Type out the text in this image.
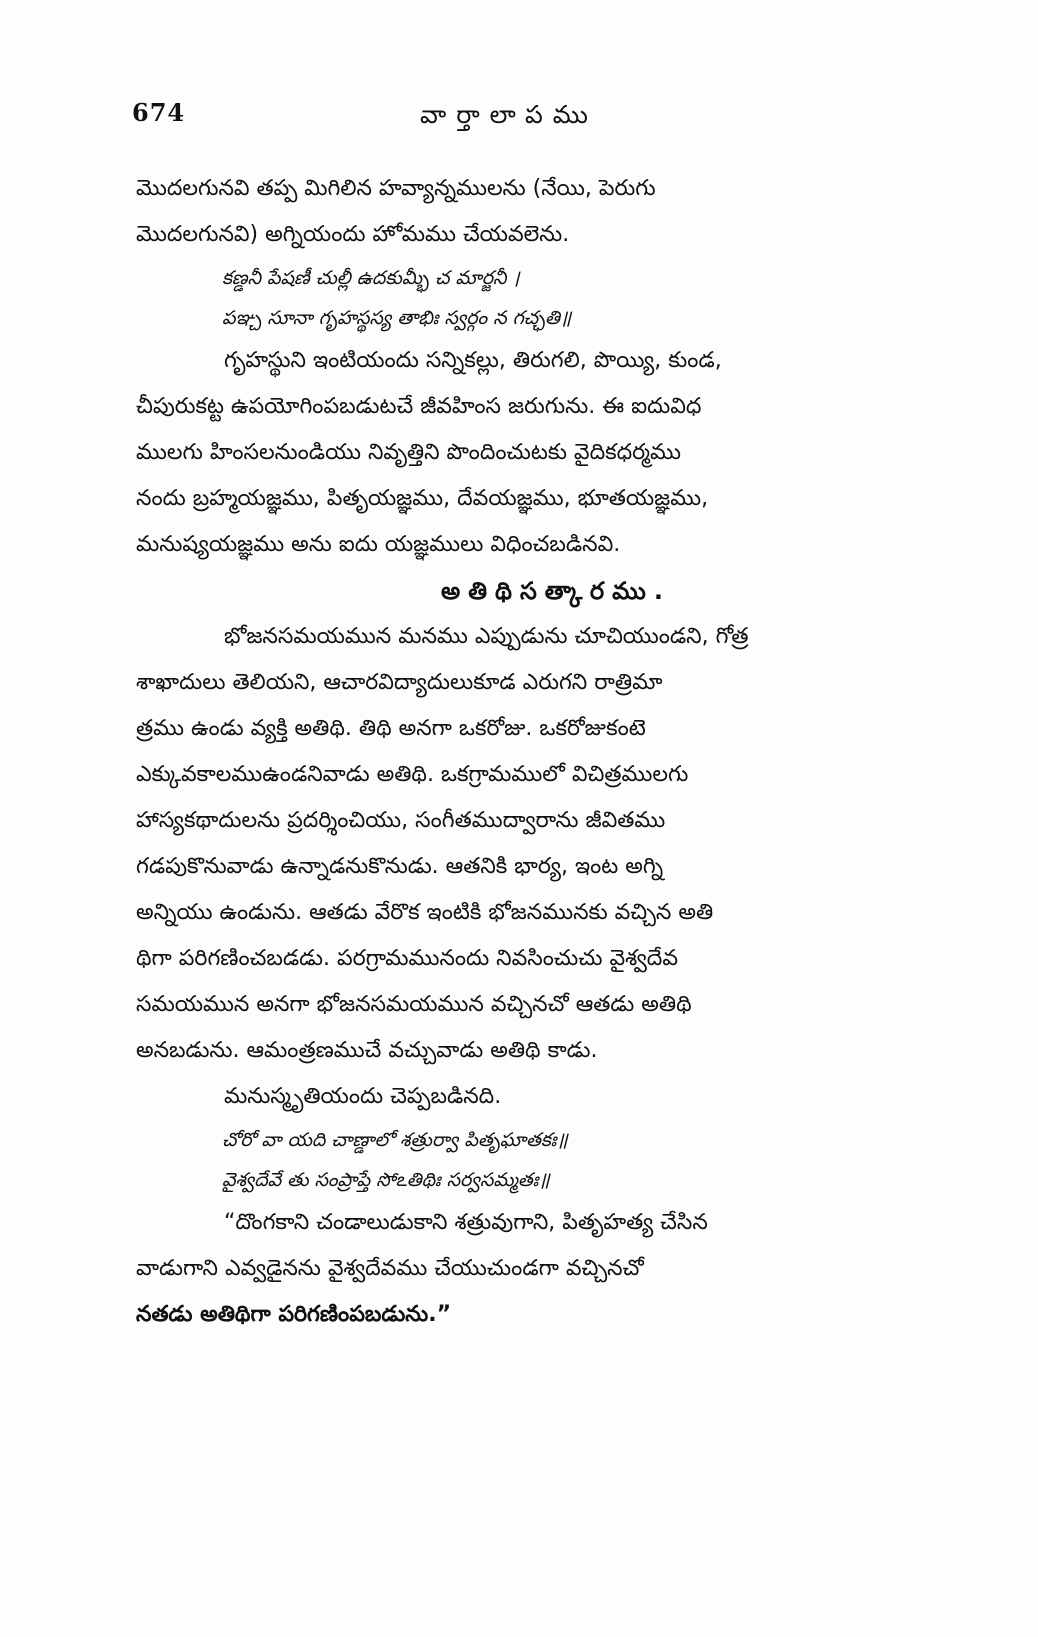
674	వార్తాలాపము
మొదలగునవి తప్ప మిగిలిన హవ్యాన్నములను (నేయి, పెరుగు
మొదలగునవి) అగ్నియందు హోమము చేయవలెను.
కణ్డనీ పేషణీ చుల్లీ ఉదకుమ్భీ చ మార్జనీ ।
పఞ్చ సూనా గృహస్థస్య తాభిః స్వర్గం న గచ్ఛతి॥
గృహస్థుని ఇంటియందు సన్నికల్లు, తిరుగలి, పొయ్యి, కుండ,
చీపురుకట్ట ఉపయోగింపబడుటచే జీవహింస జరుగును. ఈ ఐదువిధ
ములగు హింసలనుండియు నివృత్తిని పొందించుటకు వైదికధర్మము
నందు బ్రహ్మయజ్ఞము, పితృయజ్ఞము, దేవయజ్ఞము, భూతయజ్ఞము,
మనుష్యయజ్ఞము అను ఐదు యజ్ఞములు విధించబడినవి.
అతిథిసత్కారము.
భోజనసమయమున మనము ఎప్పుడును చూచియుండని, గోత్ర
శాఖాదులు తెలియని, ఆచారవిద్యాదులుకూడ ఎరుగని రాత్రిమా
త్రము ఉండు వ్యక్తి అతిథి. తిథి అనగా ఒకరోజు. ఒకరోజుకంటె
ఎక్కువకాలముఉండనివాడు అతిథి. ఒకగ్రామములో విచిత్రములగు
హాస్యకథాదులను ప్రదర్శించియు, సంగీతముద్వారాను జీవితము
గడపుకొనువాడు ఉన్నాడనుకొనుడు. ఆతనికి భార్య, ఇంట అగ్ని
అన్నియు ఉండును. ఆతడు వేరొక ఇంటికి భోజనమునకు వచ్చిన అతి
థిగా పరిగణించబడడు. పరగ్రామమునందు నివసించుచు వైశ్వదేవ
సమయమున అనగా భోజనసమయమున వచ్చినచో ఆతడు అతిథి
అనబడును. ఆమంత్రణముచే వచ్చువాడు అతిథి కాడు.
మనుస్మృతియందు చెప్పబడినది.
చోరో వా యది చాణ్డాలో శత్రుర్వా పితృఘాతకః॥
వైశ్వదేవే తు సంప్రాప్తే సోఽతిథిః సర్వసమ్మతః॥
“దొంగకాని చండాలుడుకాని శత్రువుగాని, పితృహత్య చేసిన
వాడుగాని ఎవ్వడైనను వైశ్వదేవము చేయుచుండగా వచ్చినచో
నతడు అతిథిగా పరిగణింపబడును.”
